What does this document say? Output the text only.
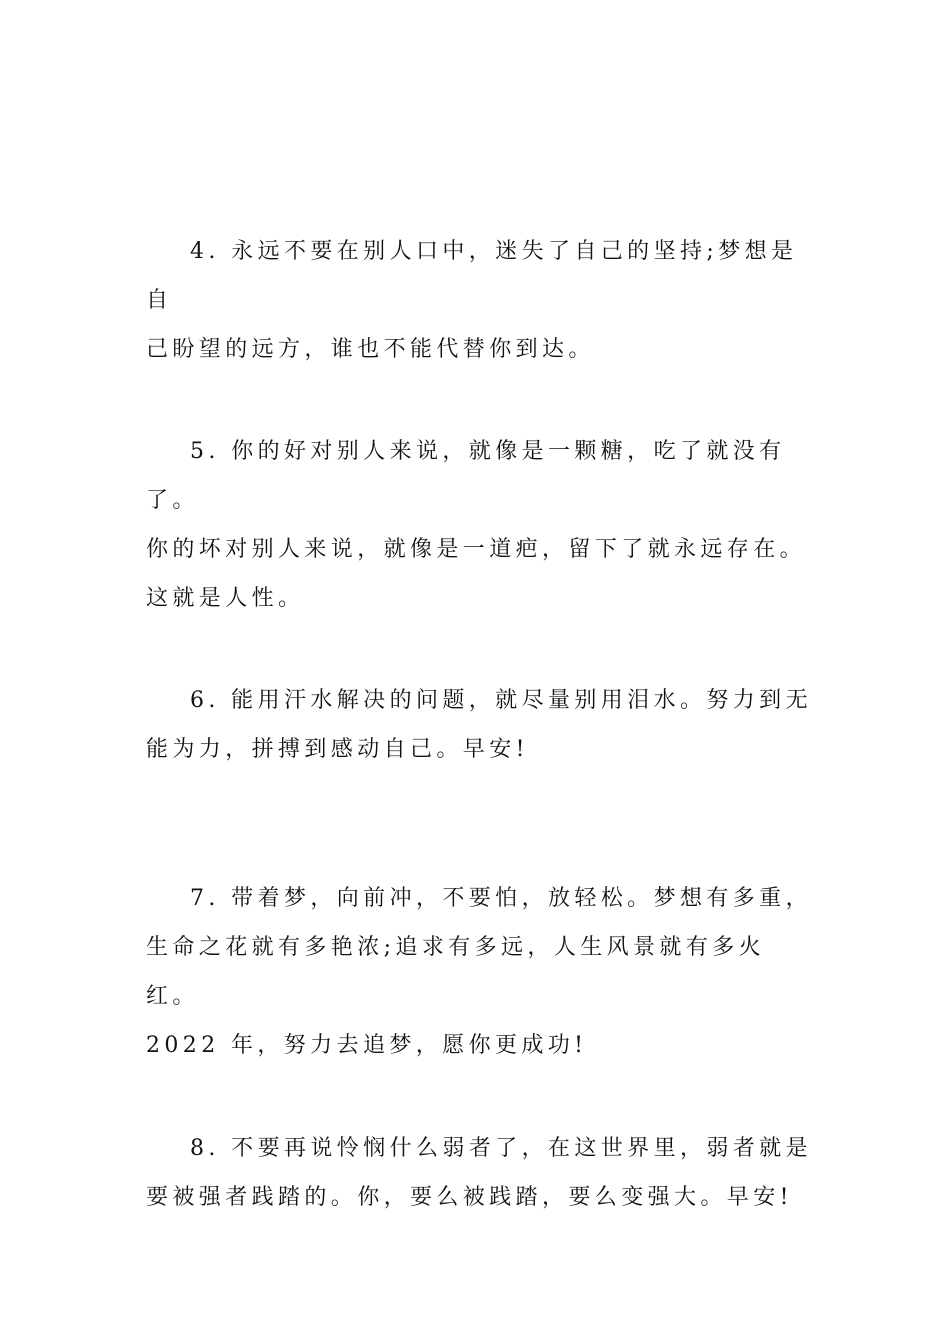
4. 永远不要在别人口中，迷失了自己的坚持;梦想是自
己盼望的远方，谁也不能代替你到达。

5. 你的好对别人来说，就像是一颗糖，吃了就没有了。
你的坏对别人来说，就像是一道疤，留下了就永远存在。
这就是人性。

6. 能用汗水解决的问题，就尽量别用泪水。努力到无
能为力，拼搏到感动自己。早安!

7. 带着梦，向前冲，不要怕，放轻松。梦想有多重，
生命之花就有多艳浓;追求有多远，人生风景就有多火红。
2022 年，努力去追梦，愿你更成功!

8. 不要再说怜悯什么弱者了，在这世界里，弱者就是
要被强者践踏的。你，要么被践踏，要么变强大。早安!
